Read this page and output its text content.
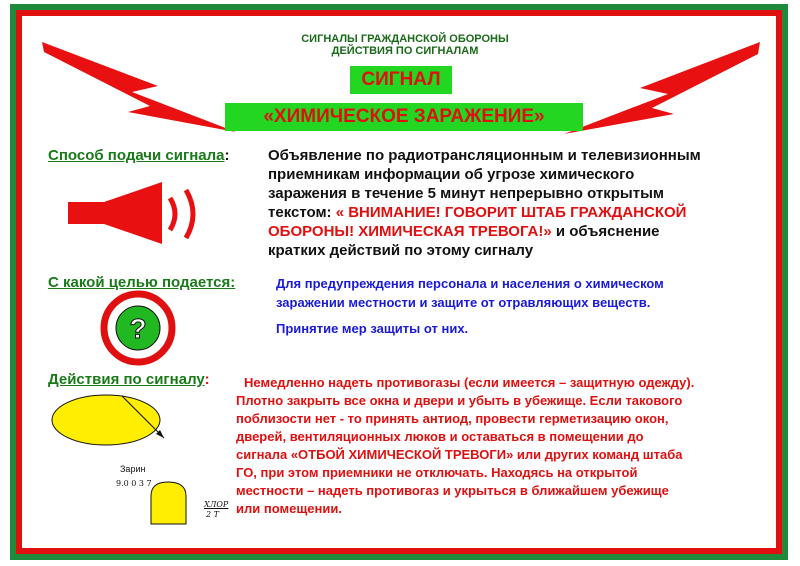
СИГНАЛЫ ГРАЖДАНСКОЙ ОБОРОНЫ
ДЕЙСТВИЯ ПО СИГНАЛАМ
СИГНАЛ
«ХИМИЧЕСКОЕ ЗАРАЖЕНИЕ»
Способ подачи сигнала:	Объявление по радиотрансляционным и телевизионным
приемникам информации об угрозе химического
заражения в течение 5 минут непрерывно открытым
текстом: « ВНИМАНИЕ! ГОВОРИТ ШТАБ ГРАЖДАНСКОЙ
ОБОРОНЫ! ХИМИЧЕСКАЯ ТРЕВОГА!» и объяснение
кратких действий по этому сигналу
С какой целью подается:	Для предупреждения персонала и населения о химическом
заражении местности и защите от отравляющих веществ.
Принятие мер защиты от них.
?
Действия по сигналу:	Немедленно надеть противогазы (если имеется – защитную одежду).
Плотно закрыть все окна и двери и убыть в убежище. Если такового
поблизости нет - то принять антиод, провести герметизацию окон,
дверей, вентиляционных люков и оставаться в помещении до
сигнала «ОТБОЙ ХИМИЧЕСКОЙ ТРЕВОГИ» или других команд штаба
ГО, при этом приемники не отключать. Находясь на открытой
местности – надеть противогаз и укрыться в ближайшем убежище
или помещении.
Зарин
9.0 0 3 7
ХЛОР
2 Т
